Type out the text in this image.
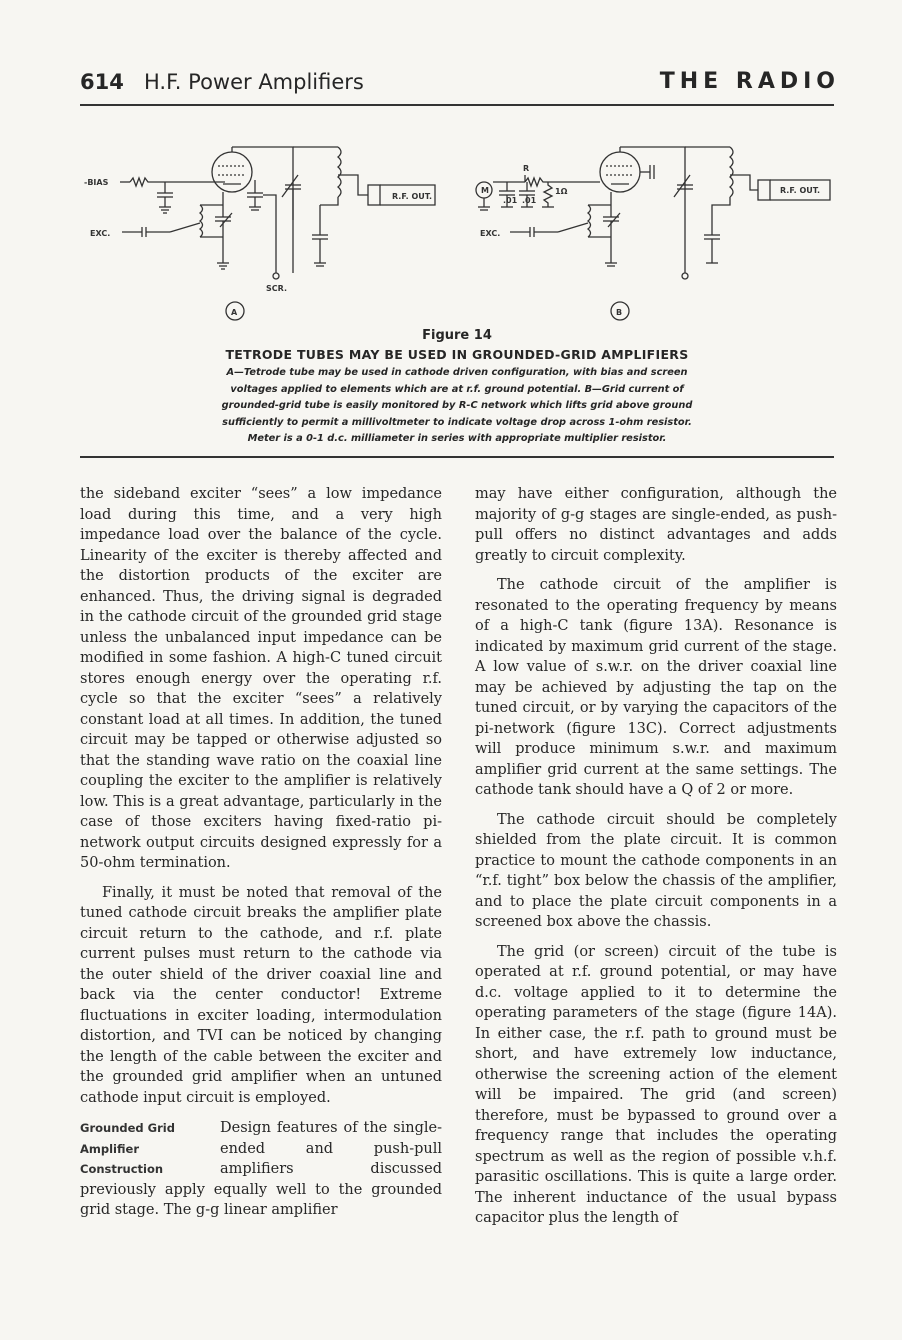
614 H.F. Power Amplifiers	THE RADIO
-BIAS
EXC.
SCR.
R.F. OUT.
A
R
M
.01 .01
1Ω
EXC.
R.F. OUT.
B
Figure 14
TETRODE TUBES MAY BE USED IN GROUNDED-GRID AMPLIFIERS
A—Tetrode tube may be used in cathode driven configuration, with bias and screen
voltages applied to elements which are at r.f. ground potential. B—Grid current of
grounded-grid tube is easily monitored by R-C network which lifts grid above ground
sufficiently to permit a millivoltmeter to indicate voltage drop across 1-ohm resistor.
Meter is a 0-1 d.c. milliameter in series with appropriate multiplier resistor.

the sideband exciter “sees” a low impedance load during this time, and a very high impedance load over the balance of the cycle. Linearity of the exciter is thereby affected and the distortion products of the exciter are enhanced. Thus, the driving signal is degraded in the cathode circuit of the grounded grid stage unless the unbalanced input impedance can be modified in some fashion. A high-C tuned circuit stores enough energy over the operating r.f. cycle so that the exciter “sees” a relatively constant load at all times. In addition, the tuned circuit may be tapped or otherwise adjusted so that the standing wave ratio on the coaxial line coupling the exciter to the amplifier is relatively low. This is a great advantage, particularly in the case of those exciters having fixed-ratio pi-network output circuits designed expressly for a 50-ohm termination.

Finally, it must be noted that removal of the tuned cathode circuit breaks the amplifier plate circuit return to the cathode, and r.f. plate current pulses must return to the cathode via the outer shield of the driver coaxial line and back via the center conductor! Extreme fluctuations in exciter loading, intermodulation distortion, and TVI can be noticed by changing the length of the cable between the exciter and the grounded grid amplifier when an untuned cathode input circuit is employed.

Grounded Grid
Amplifier
Construction

Design features of the single-ended and push-pull amplifiers discussed previously apply equally well to the grounded grid stage. The g-g linear amplifier

may have either configuration, although the majority of g-g stages are single-ended, as push-pull offers no distinct advantages and adds greatly to circuit complexity.

The cathode circuit of the amplifier is resonated to the operating frequency by means of a high-C tank (figure 13A). Resonance is indicated by maximum grid current of the stage. A low value of s.w.r. on the driver coaxial line may be achieved by adjusting the tap on the tuned circuit, or by varying the capacitors of the pi-network (figure 13C). Correct adjustments will produce minimum s.w.r. and maximum amplifier grid current at the same settings. The cathode tank should have a Q of 2 or more.

The cathode circuit should be completely shielded from the plate circuit. It is common practice to mount the cathode components in an “r.f. tight” box below the chassis of the amplifier, and to place the plate circuit components in a screened box above the chassis.

The grid (or screen) circuit of the tube is operated at r.f. ground potential, or may have d.c. voltage applied to it to determine the operating parameters of the stage (figure 14A). In either case, the r.f. path to ground must be short, and have extremely low inductance, otherwise the screening action of the element will be impaired. The grid (and screen) therefore, must be bypassed to ground over a frequency range that includes the operating spectrum as well as the region of possible v.h.f. parasitic oscillations. This is quite a large order. The inherent inductance of the usual bypass capacitor plus the length of
